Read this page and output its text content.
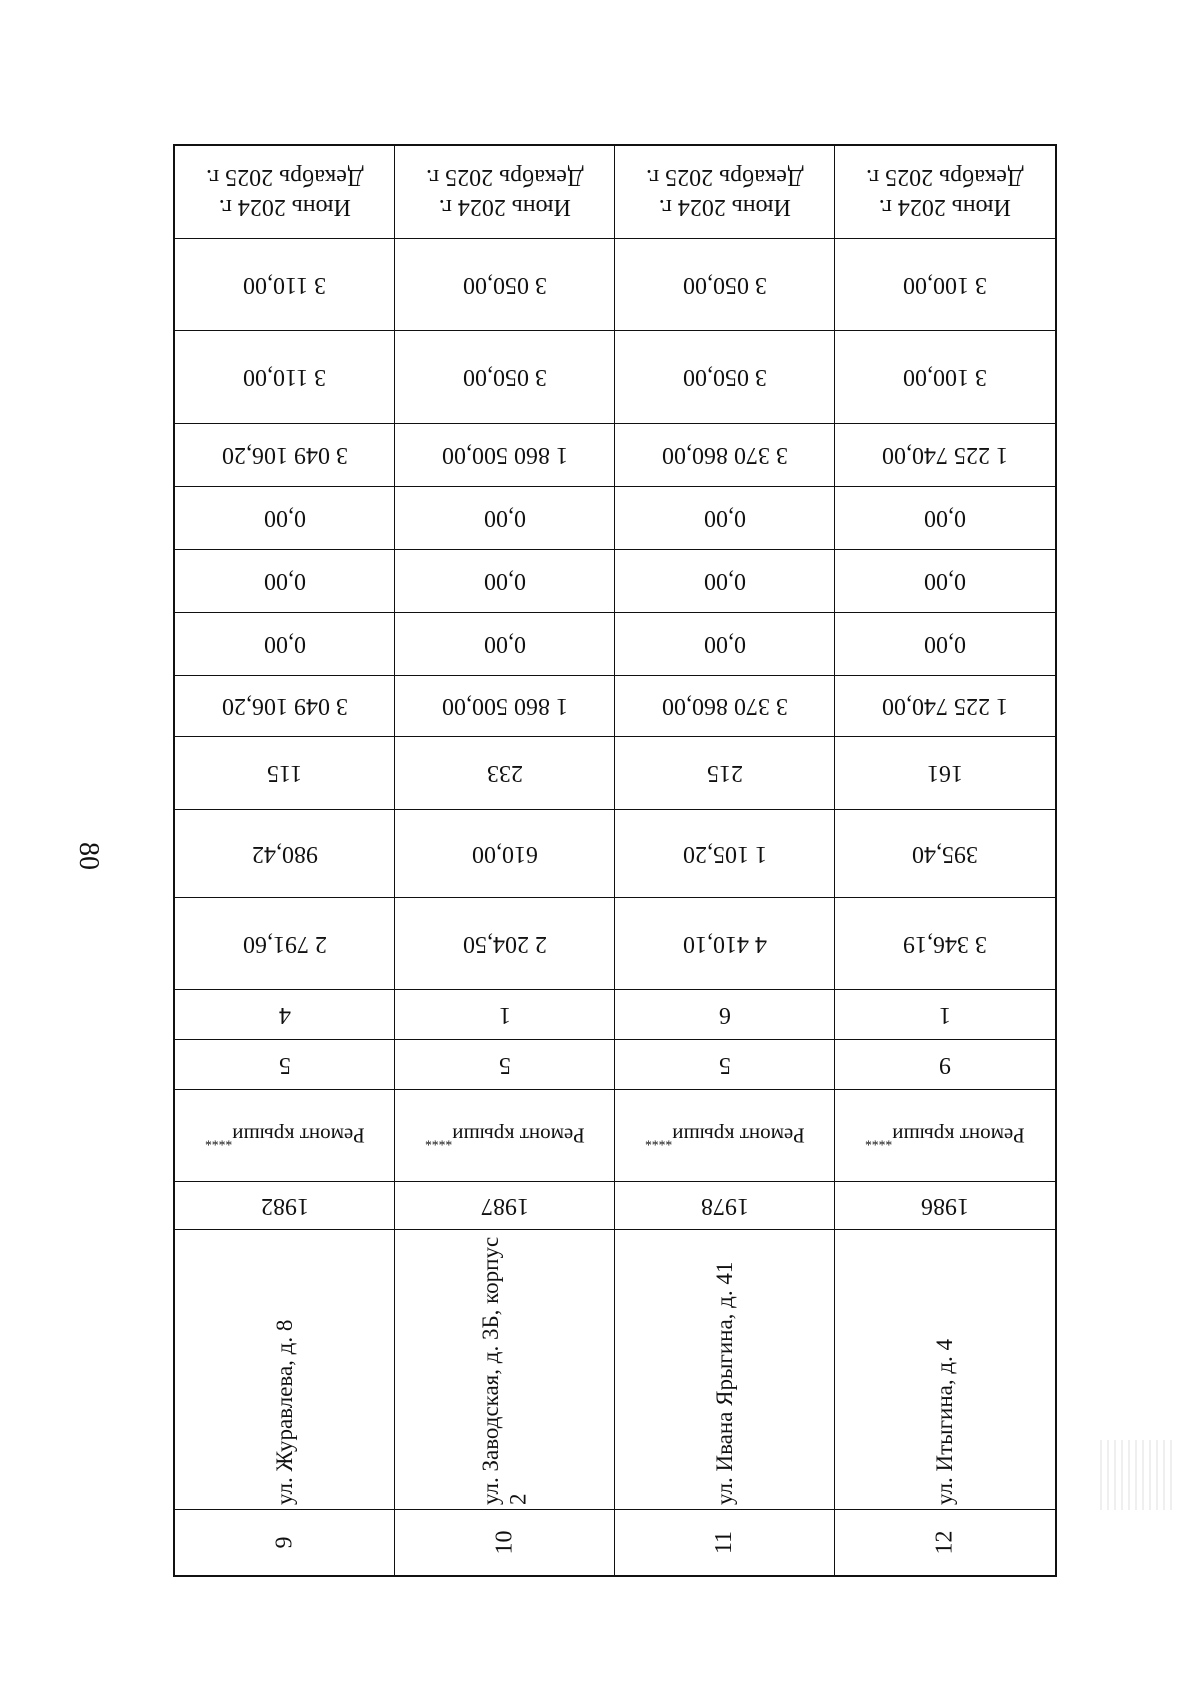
80
Июнь 2024 г.
Декабрь 2025 г.
3 110,00
3 110,00
3 049 106,20
0,00
0,00
0,00
3 049 106,20
115
980,42
2 791,60
4
5
Ремонт крыши****
1982
ул. Журавлева, д. 8
9
Июнь 2024 г.
Декабрь 2025 г.
3 050,00
3 050,00
1 860 500,00
0,00
0,00
0,00
1 860 500,00
233
610,00
2 204,50
1
5
Ремонт крыши****
1987
ул. Заводская, д. 3Б, корпус 2
10
Июнь 2024 г.
Декабрь 2025 г.
3 050,00
3 050,00
3 370 860,00
0,00
0,00
0,00
3 370 860,00
215
1 105,20
4 410,10
6
5
Ремонт крыши****
1978
ул. Ивана Ярыгина, д. 41
11
Июнь 2024 г.
Декабрь 2025 г.
3 100,00
3 100,00
1 225 740,00
0,00
0,00
0,00
1 225 740,00
161
395,40
3 346,19
1
9
Ремонт крыши****
1986
ул. Итыгина, д. 4
12
